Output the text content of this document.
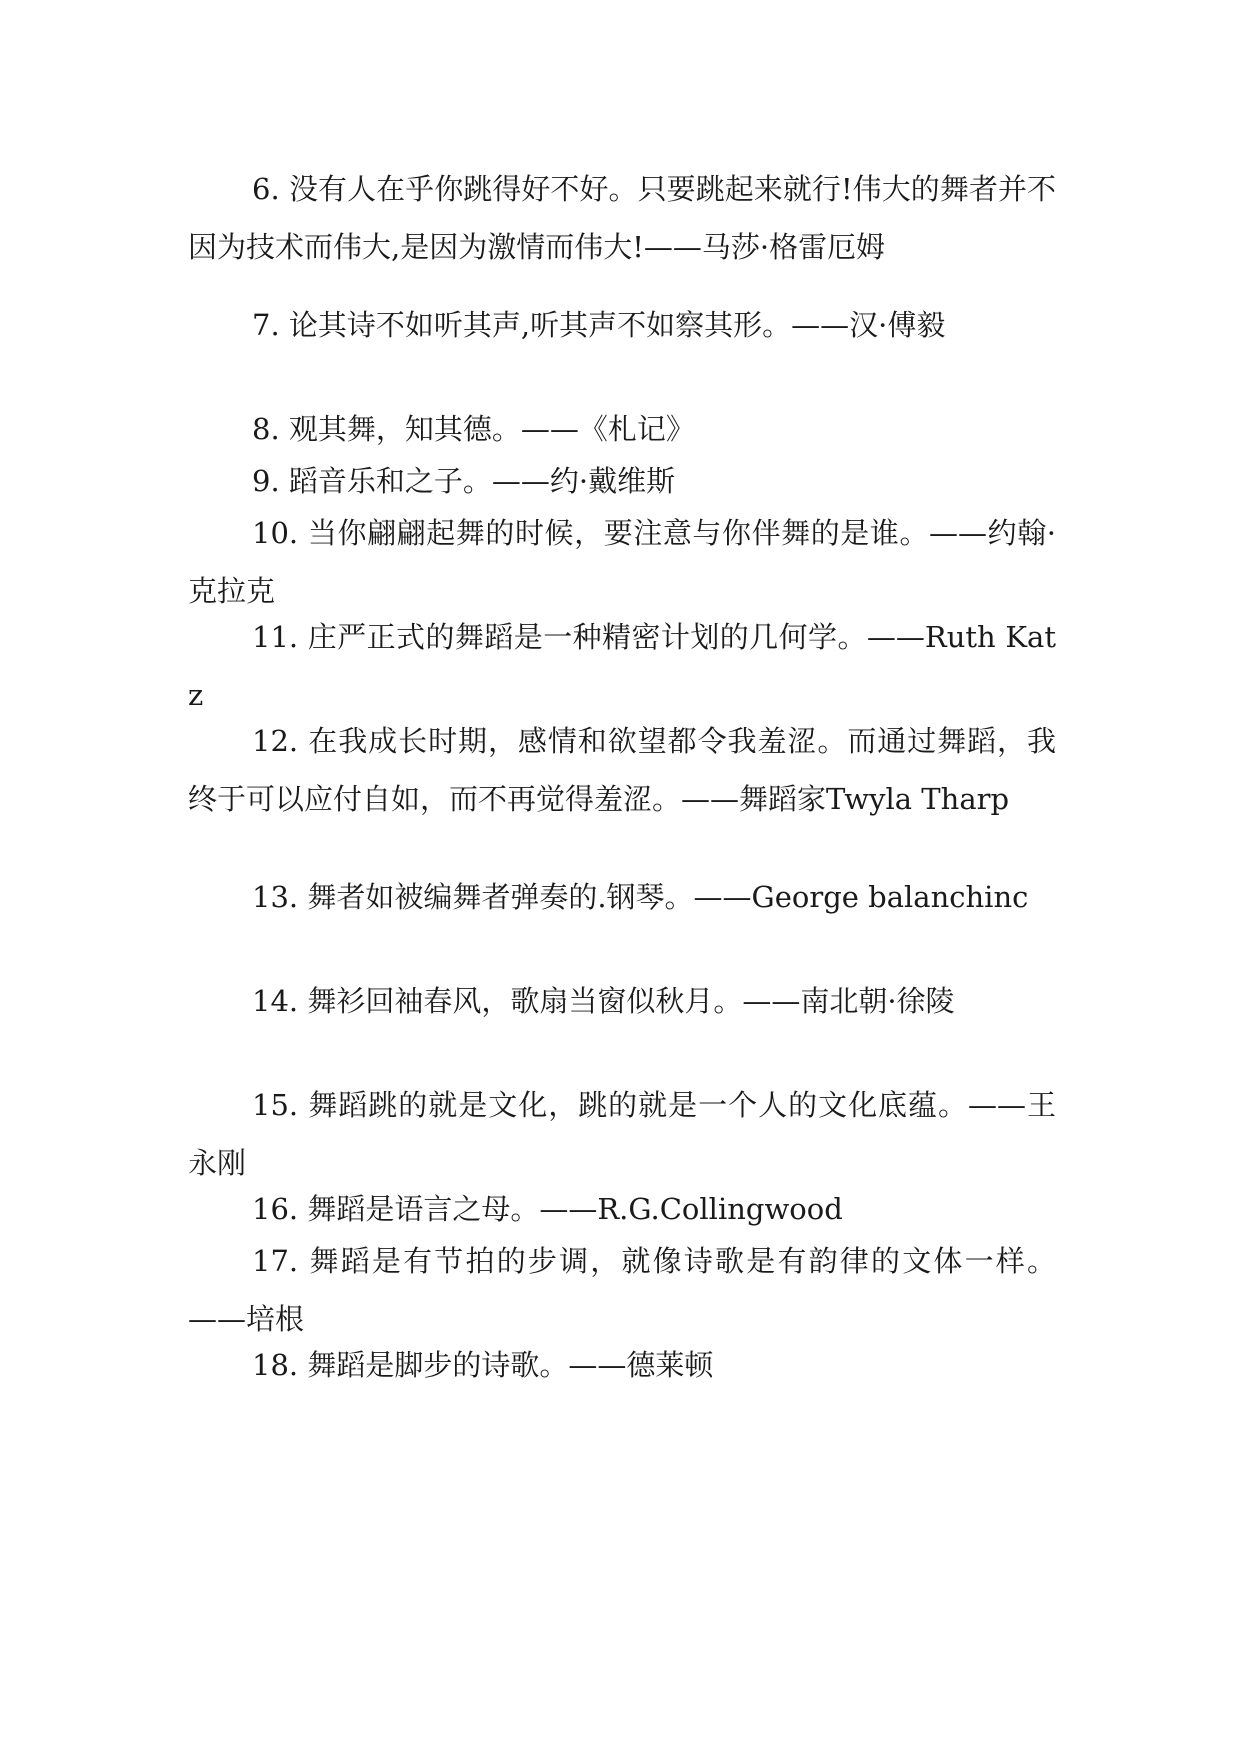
6. 没有人在乎你跳得好不好。只要跳起来就行!伟大的舞者并不因为技术而伟大,是因为激情而伟大!——马莎·格雷厄姆

7. 论其诗不如听其声,听其声不如察其形。——汉·傅毅

8. 观其舞，知其德。——《札记》

9. 蹈音乐和之子。——约·戴维斯

10. 当你翩翩起舞的时候，要注意与你伴舞的是谁。——约翰·克拉克

11. 庄严正式的舞蹈是一种精密计划的几何学。——Ruth Katz

12. 在我成长时期，感情和欲望都令我羞涩。而通过舞蹈，我终于可以应付自如，而不再觉得羞涩。——舞蹈家Twyla Tharp

13. 舞者如被编舞者弹奏的.钢琴。——George balanchinc

14. 舞衫回袖春风，歌扇当窗似秋月。——南北朝·徐陵

15. 舞蹈跳的就是文化，跳的就是一个人的文化底蕴。——王永刚

16. 舞蹈是语言之母。——R.G.Collingwood

17. 舞蹈是有节拍的步调，就像诗歌是有韵律的文体一样。——培根

18. 舞蹈是脚步的诗歌。——德莱顿
